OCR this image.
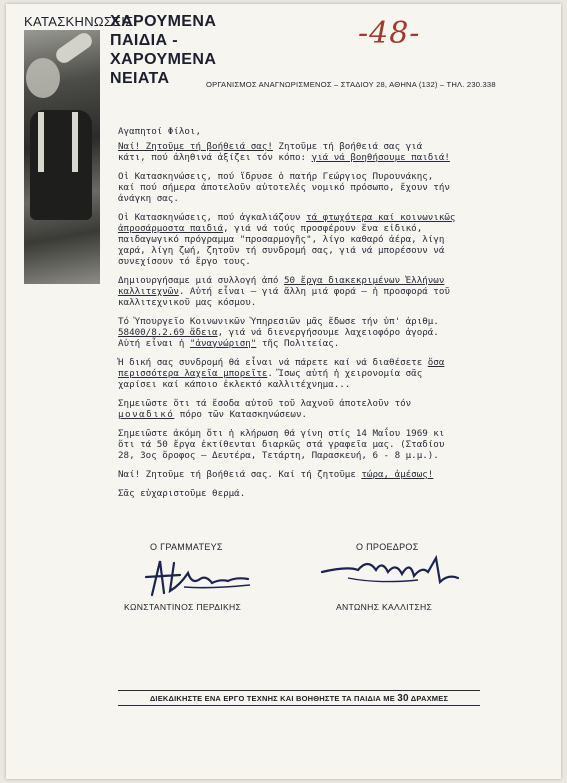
ΚΑΤΑΣΚΗΝΩΣΕΙΣ
ΧΑΡΟΥΜΕΝΑ
ΠΑΙΔΙΑ -
ΧΑΡΟΥΜΕΝΑ
ΝΕΙΑΤΑ
-48-
ΟΡΓΑΝΙΣΜΟΣ ΑΝΑΓΝΩΡΙΣΜΕΝΟΣ – ΣΤΑΔΙΟΥ 28, ΑΘΗΝΑ (132) – ΤΗΛ. 230.338
Αγαπητοί Φίλοι,
Ναί! Ζητοῦμε τή βοήθειά σας! Ζητοῦμε τή βοήθειά σας γιά
κάτι, πού ἀληθινά ἀξίζει τόν κόπο: γιά νά βοηθήσουμε παιδιά!
Οἱ Κατασκηνώσεις, πού ἵδρυσε ὁ πατήρ Γεώργιος Πυρουνάκης,
καί πού σήμερα ἀποτελοῦν αὐτοτελές νομικό πρόσωπο, ἔχουν τήν
ἀνάγκη σας.
Οἱ Κατασκηνώσεις, πού ἀγκαλιάζουν τά φτωχότερα καί κοινωνικῶς
ἀπροσάρμοστα παιδιά, γιά νά τούς προσφέρουν ἕνα εἰδικό,
παιδαγωγικό πρόγραμμα "προσαρμογῆς", λίγο καθαρό ἀέρα, λίγη
χαρά, λίγη ζωή, ζητοῦν τή συνδρομή σας, γιά νά μπορέσουν νά
συνεχίσουν τό ἔργο τους.
Δημιουργήσαμε μιά συλλογή ἀπό 50 ἔργα διακεκριμένων Ἑλλήνων
καλλιτεχνῶν. Αὐτή εἶναι — γιά ἄλλη μιά φορά — ἡ προσφορά τοῦ
καλλιτεχνικοῦ μας κόσμου.
Τό Ὑπουργεῖο Κοινωνικῶν Ὑπηρεσιῶν μᾶς ἔδωσε τήν ὑπ' ἀριθμ.
58400/8.2.69 ἄδεια, γιά νά διενεργήσουμε λαχειοφόρο ἀγορά.
Αὐτή εἶναι ἡ "ἀναγνώριση" τῆς Πολιτείας.
Ἡ δική σας συνδρομή θά εἶναι νά πάρετε καί νά διαθέσετε ὅσα
περισσότερα λαχεῖα μπορεῖτε. Ἴσως αὐτή ἡ χειρονομία σᾶς
χαρίσει καί κάποιο ἐκλεκτό καλλιτέχνημα...
Σημειῶστε ὅτι τά ἔσοδα αὐτοῦ τοῦ λαχνοῦ ἀποτελοῦν τόν
μοναδικό πόρο τῶν Κατασκηνώσεων.
Σημειῶστε ἀκόμη ὅτι ἡ κλήρωση θά γίνη στίς 14 Μαΐου 1969 κι
ὅτι τά 50 ἔργα ἐκτίθενται διαρκῶς στά γραφεῖα μας. (Σταδίου
28, 3ος ὄροφος – Δευτέρα, Τετάρτη, Παρασκευή, 6 - 8 μ.μ.).
Ναί! Ζητοῦμε τή βοήθειά σας. Καί τή ζητοῦμε τώρα, ἀμέσως!
Σᾶς εὐχαριστοῦμε θερμά.
Ο ΓΡΑΜΜΑΤΕΥΣ	Ο ΠΡΟΕΔΡΟΣ
ΚΩΝΣΤΑΝΤΙΝΟΣ ΠΕΡΔΙΚΗΣ	ΑΝΤΩΝΗΣ ΚΑΛΛΙΤΣΗΣ
ΔΙΕΚΔΙΚΗΣΤΕ ΕΝΑ ΕΡΓΟ ΤΕΧΝΗΣ ΚΑΙ ΒΟΗΘΗΣΤΕ ΤΑ ΠΑΙΔΙΑ ΜΕ 30 ΔΡΑΧΜΕΣ
